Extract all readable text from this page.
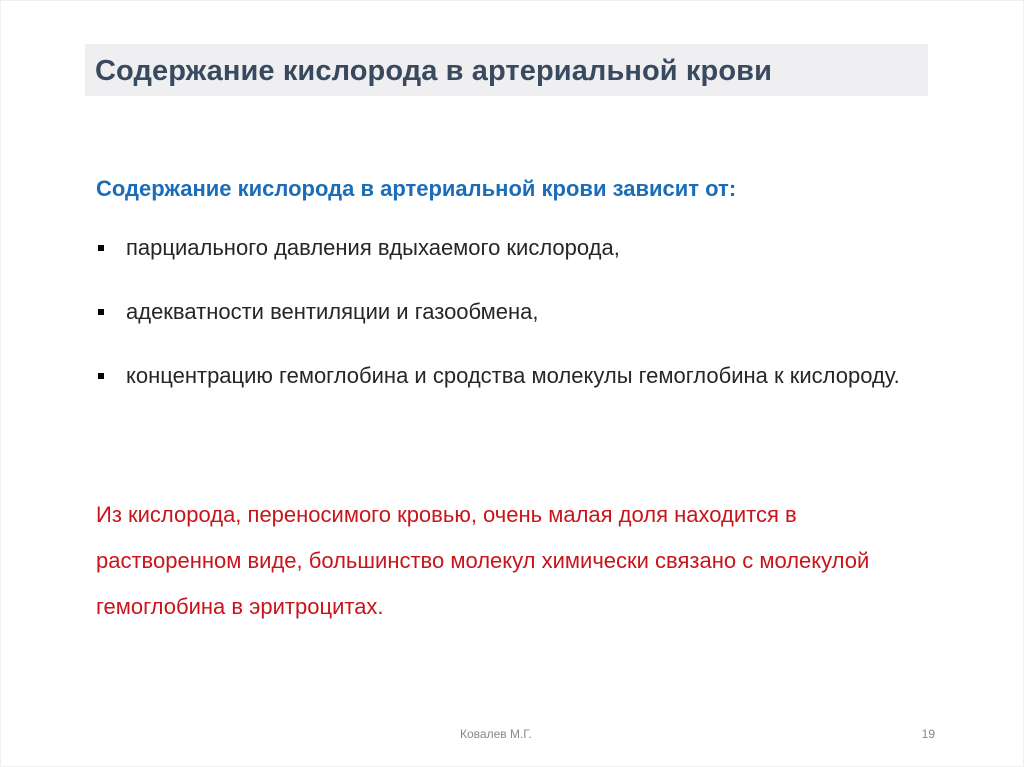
Содержание кислорода в артериальной крови

Содержание кислорода в артериальной крови зависит от:

парциального давления вдыхаемого кислорода,
адекватности вентиляции и газообмена,
концентрацию гемоглобина и сродства молекулы гемоглобина к кислороду.

Из кислорода, переносимого кровью, очень малая доля находится в растворенном виде, большинство молекул химически связано с молекулой гемоглобина в эритроцитах.

Ковалев М.Г.	19
